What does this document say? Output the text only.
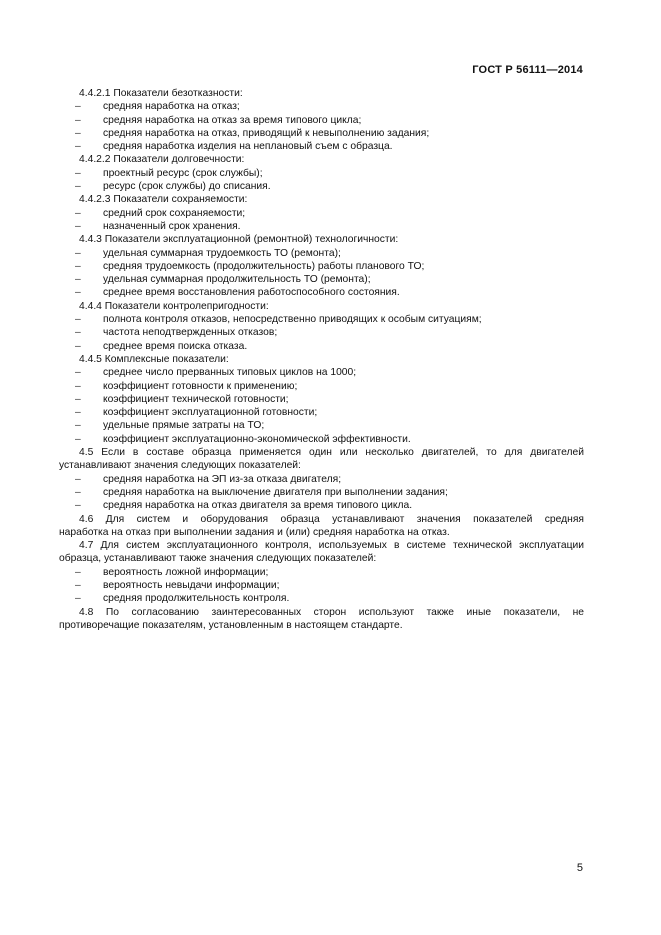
ГОСТ Р 56111—2014
4.4.2.1 Показатели безотказности:
–	средняя наработка на отказ;
–	средняя наработка на отказ за время типового цикла;
–	средняя наработка на отказ, приводящий к невыполнению задания;
–	средняя наработка изделия на неплановый съем с образца.
4.4.2.2 Показатели долговечности:
–	проектный ресурс (срок службы);
–	ресурс (срок службы) до списания.
4.4.2.3 Показатели сохраняемости:
–	средний срок сохраняемости;
–	назначенный срок хранения.
4.4.3 Показатели эксплуатационной (ремонтной) технологичности:
–	удельная суммарная трудоемкость ТО (ремонта);
–	средняя трудоемкость (продолжительность) работы планового ТО;
–	удельная суммарная продолжительность ТО (ремонта);
–	среднее время восстановления работоспособного состояния.
4.4.4 Показатели контролепригодности:
–	полнота контроля отказов, непосредственно приводящих к особым ситуациям;
–	частота неподтвержденных отказов;
–	среднее время поиска отказа.
4.4.5 Комплексные показатели:
–	среднее число прерванных типовых циклов на 1000;
–	коэффициент готовности к применению;
–	коэффициент технической готовности;
–	коэффициент эксплуатационной готовности;
–	удельные прямые затраты на ТО;
–	коэффициент эксплуатационно-экономической эффективности.
4.5 Если в составе образца применяется один или несколько двигателей, то для двигателей
устанавливают значения следующих показателей:
–	средняя наработка на ЭП из-за отказа двигателя;
–	средняя наработка на выключение двигателя при выполнении задания;
–	средняя наработка на отказ двигателя за время типового цикла.
4.6 Для систем и оборудования образца устанавливают значения показателей средняя
наработка на отказ при выполнении задания и (или) средняя наработка на отказ.
4.7 Для систем эксплуатационного контроля, используемых в системе технической эксплуатации
образца, устанавливают также значения следующих показателей:
–	вероятность ложной информации;
–	вероятность невыдачи информации;
–	средняя продолжительность контроля.
4.8 По согласованию заинтересованных сторон используют также иные показатели, не
противоречащие показателям, установленным в настоящем стандарте.
5
